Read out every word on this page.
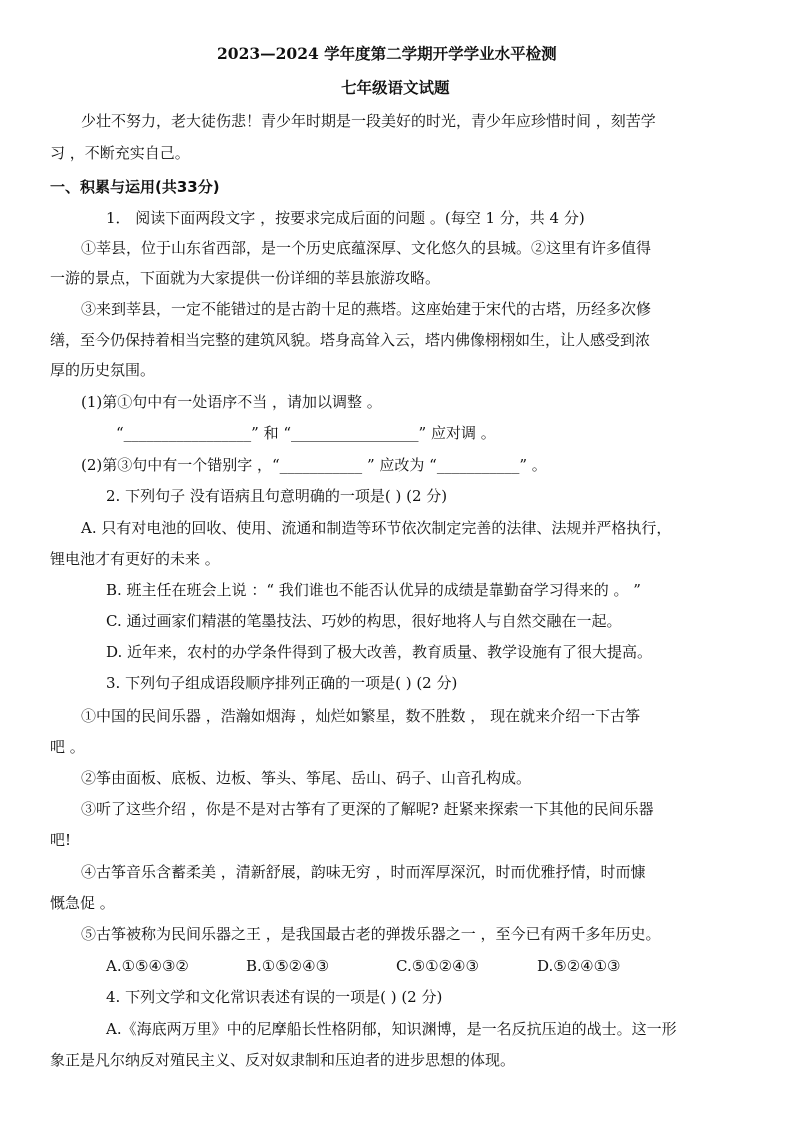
2023—2024 学年度第二学期开学学业水平检测
七年级语文试题
少壮不努力，老大徒伤悲！青少年时期是一段美好的时光，青少年应珍惜时间 ，刻苦学
习 ，不断充实自己。
一、积累与运用(共33分)
1． 阅读下面两段文字 ，按要求完成后面的问题 。(每空 1 分，共 4 分)
①莘县，位于山东省西部，是一个历史底蕴深厚、文化悠久的县城。②这里有许多值得
一游的景点，下面就为大家提供一份详细的莘县旅游攻略。
③来到莘县，一定不能错过的是古韵十足的燕塔。这座始建于宋代的古塔，历经多次修
缮，至今仍保持着相当完整的建筑风貌。塔身高耸入云，塔内佛像栩栩如生，让人感受到浓
厚的历史氛围。
(1)第①句中有一处语序不当 ，请加以调整 。
“_________________” 和 “_________________” 应对调 。
(2)第③句中有一个错别字 ，“___________ ” 应改为 “___________” 。
2. 下列句子 没有语病且句意明确的一项是( ) (2 分)
A. 只有对电池的回收、使用、流通和制造等环节依次制定完善的法律、法规并严格执行，
锂电池才有更好的未来 。
B. 班主任在班会上说 ：“ 我们谁也不能否认优异的成绩是靠勤奋学习得来的 。 ”
C. 通过画家们精湛的笔墨技法、巧妙的构思，很好地将人与自然交融在一起。
D. 近年来，农村的办学条件得到了极大改善，教育质量、教学设施有了很大提高。
3. 下列句子组成语段顺序排列正确的一项是( ) (2 分)
①中国的民间乐器 ，浩瀚如烟海 ，灿烂如繁星，数不胜数 ， 现在就来介绍一下古筝
吧 。
②筝由面板、底板、边板、筝头、筝尾、岳山、码子、山音孔构成。
③听了这些介绍 ，你是不是对古筝有了更深的了解呢? 赶紧来探索一下其他的民间乐器
吧!
④古筝音乐含蓄柔美 ，清新舒展，韵味无穷 ，时而浑厚深沉，时而优雅抒情，时而慷
慨急促 。
⑤古筝被称为民间乐器之王 ，是我国最古老的弹拨乐器之一 ，至今已有两千多年历史。
A.①⑤④③②	B.①⑤②④③	C.⑤①②④③	D.⑤②④①③
4. 下列文学和文化常识表述有误的一项是( ) (2 分)
A.《海底两万里》中的尼摩船长性格阴郁，知识渊博，是一名反抗压迫的战士。这一形
象正是凡尔纳反对殖民主义、反对奴隶制和压迫者的进步思想的体现。
